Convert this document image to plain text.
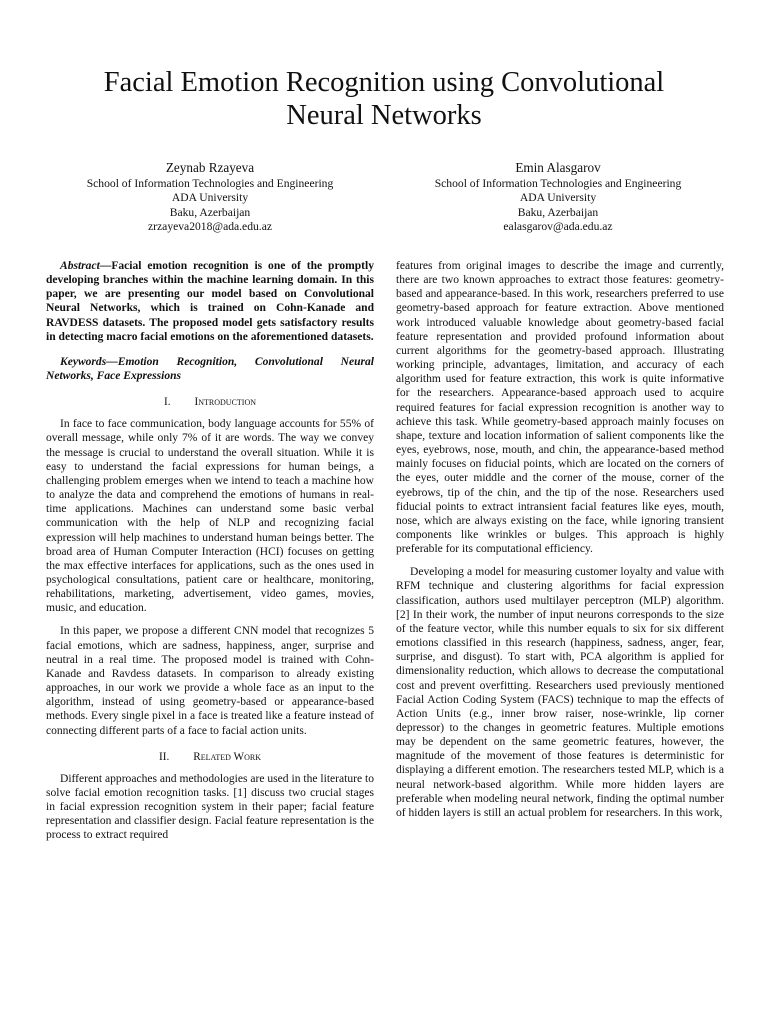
Facial Emotion Recognition using Convolutional
Neural Networks
Zeynab Rzayeva
School of Information Technologies and Engineering
ADA University
Baku, Azerbaijan
zrzayeva2018@ada.edu.az
Emin Alasgarov
School of Information Technologies and Engineering
ADA University
Baku, Azerbaijan
ealasgarov@ada.edu.az

Abstract—Facial emotion recognition is one of the promptly developing branches within the machine learning domain. In this paper, we are presenting our model based on Convolutional Neural Networks, which is trained on Cohn-Kanade and RAVDESS datasets. The proposed model gets satisfactory results in detecting macro facial emotions on the aforementioned datasets.

Keywords—Emotion Recognition, Convolutional Neural Networks, Face Expressions

I. Introduction

In face to face communication, body language accounts for 55% of overall message, while only 7% of it are words. The way we convey the message is crucial to understand the overall situation. While it is easy to understand the facial expressions for human beings, a challenging problem emerges when we intend to teach a machine how to analyze the data and comprehend the emotions of humans in real-time applications. Machines can understand some basic verbal communication with the help of NLP and recognizing facial expression will help machines to understand human beings better. The broad area of Human Computer Interaction (HCI) focuses on getting the max effective interfaces for applications, such as the ones used in psychological consultations, patient care or healthcare, monitoring, rehabilitations, marketing, advertisement, video games, movies, music, and education.

In this paper, we propose a different CNN model that recognizes 5 facial emotions, which are sadness, happiness, anger, surprise and neutral in a real time. The proposed model is trained with Cohn-Kanade and Ravdess datasets. In comparison to already existing approaches, in our work we provide a whole face as an input to the algorithm, instead of using geometry-based or appearance-based methods. Every single pixel in a face is treated like a feature instead of connecting different parts of a face to facial action units.

II. Related Work

Different approaches and methodologies are used in the literature to solve facial emotion recognition tasks. [1] discuss two crucial stages in facial expression recognition system in their paper; facial feature representation and classifier design. Facial feature representation is the process to extract required

features from original images to describe the image and currently, there are two known approaches to extract those features: geometry-based and appearance-based. In this work, researchers preferred to use geometry-based approach for feature extraction. Above mentioned work introduced valuable knowledge about geometry-based facial feature representation and provided profound information about current algorithms for the geometry-based approach. Illustrating working principle, advantages, limitation, and accuracy of each algorithm used for feature extraction, this work is quite informative for the researchers. Appearance-based approach used to acquire required features for facial expression recognition is another way to achieve this task. While geometry-based approach mainly focuses on shape, texture and location information of salient components like the eyes, eyebrows, nose, mouth, and chin, the appearance-based method mainly focuses on fiducial points, which are located on the corners of the eyes, outer middle and the corner of the mouse, corner of the eyebrows, tip of the chin, and the tip of the nose. Researchers used fiducial points to extract intransient facial features like eyes, mouth, nose, which are always existing on the face, while ignoring transient components like wrinkles or bulges. This approach is highly preferable for its computational efficiency.

Developing a model for measuring customer loyalty and value with RFM technique and clustering algorithms for facial expression classification, authors used multilayer perceptron (MLP) algorithm. [2] In their work, the number of input neurons corresponds to the size of the feature vector, while this number equals to six for six different emotions classified in this research (happiness, sadness, anger, fear, surprise, and disgust). To start with, PCA algorithm is applied for dimensionality reduction, which allows to decrease the computational cost and prevent overfitting. Researchers used previously mentioned Facial Action Coding System (FACS) technique to map the effects of Action Units (e.g., inner brow raiser, nose-wrinkle, lip corner depressor) to the changes in geometric features. Multiple emotions may be dependent on the same geometric features, however, the magnitude of the movement of those features is deterministic for displaying a different emotion. The researchers tested MLP, which is a neural network-based algorithm. While more hidden layers are preferable when modeling neural network, finding the optimal number of hidden layers is still an actual problem for researchers. In this work,
